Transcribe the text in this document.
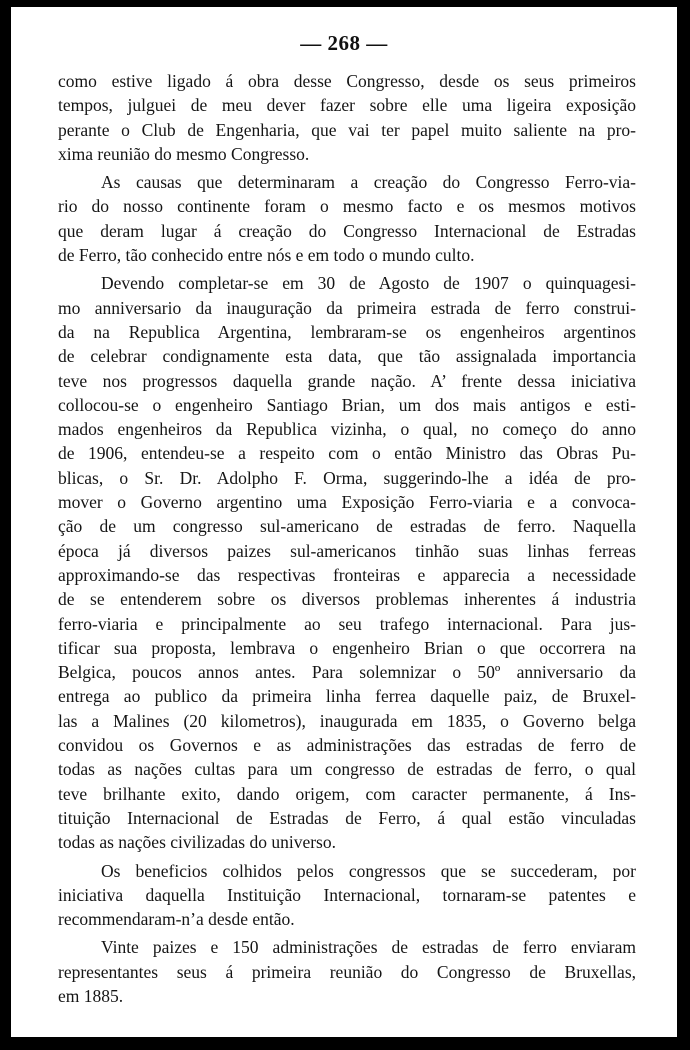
— 268 —
como estive ligado á obra desse Congresso, desde os seus primeiros
tempos, julguei de meu dever fazer sobre elle uma ligeira exposição
perante o Club de Engenharia, que vai ter papel muito saliente na pro-
xima reunião do mesmo Congresso.
As causas que determinaram a creação do Congresso Ferro-via-
rio do nosso continente foram o mesmo facto e os mesmos motivos
que deram lugar á creação do Congresso Internacional de Estradas
de Ferro, tão conhecido entre nós e em todo o mundo culto.
Devendo completar-se em 30 de Agosto de 1907 o quinquagesi-
mo anniversario da inauguração da primeira estrada de ferro construi-
da na Republica Argentina, lembraram-se os engenheiros argentinos
de celebrar condignamente esta data, que tão assignalada importancia
teve nos progressos daquella grande nação. A’ frente dessa iniciativa
collocou-se o engenheiro Santiago Brian, um dos mais antigos e esti-
mados engenheiros da Republica vizinha, o qual, no começo do anno
de 1906, entendeu-se a respeito com o então Ministro das Obras Pu-
blicas, o Sr. Dr. Adolpho F. Orma, suggerindo-lhe a idéa de pro-
mover o Governo argentino uma Exposição Ferro-viaria e a convoca-
ção de um congresso sul-americano de estradas de ferro. Naquella
época já diversos paizes sul-americanos tinhão suas linhas ferreas
approximando-se das respectivas fronteiras e apparecia a necessidade
de se entenderem sobre os diversos problemas inherentes á industria
ferro-viaria e principalmente ao seu trafego internacional. Para jus-
tificar sua proposta, lembrava o engenheiro Brian o que occorrera na
Belgica, poucos annos antes. Para solemnizar o 50º anniversario da
entrega ao publico da primeira linha ferrea daquelle paiz, de Bruxel-
las a Malines (20 kilometros), inaugurada em 1835, o Governo belga
convidou os Governos e as administrações das estradas de ferro de
todas as nações cultas para um congresso de estradas de ferro, o qual
teve brilhante exito, dando origem, com caracter permanente, á Ins-
tituição Internacional de Estradas de Ferro, á qual estão vinculadas
todas as nações civilizadas do universo.
Os beneficios colhidos pelos congressos que se succederam, por
iniciativa daquella Instituição Internacional, tornaram-se patentes e
recommendaram-n’a desde então.
Vinte paizes e 150 administrações de estradas de ferro enviaram
representantes seus á primeira reunião do Congresso de Bruxellas,
em 1885.
